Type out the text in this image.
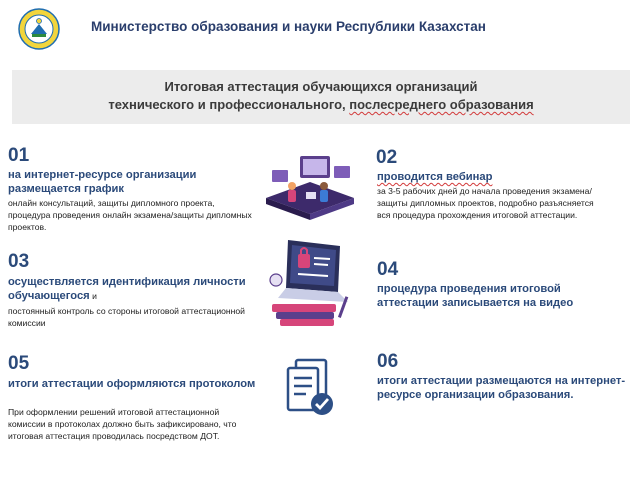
Министерство образования и науки Республики Казахстан
Итоговая аттестация обучающихся организаций
технического и профессионального, послесреднего образования
01
на интернет-ресурсе организации размещается график
онлайн консультаций, защиты дипломного проекта, процедура проведения онлайн экзамена/защиты дипломных проектов.
02
проводится вебинар
за 3-5 рабочих дней до начала проведения экзамена/защиты дипломных проектов, подробно разъясняется вся процедура прохождения итоговой аттестации.
03
осуществляется идентификация личности обучающегося и
постоянный контроль со стороны итоговой аттестационной комиссии
04
процедура проведения итоговой аттестации записывается на видео
05
итоги аттестации оформляются протоколом
При оформлении решений итоговой аттестационной комиссии в протоколах должно быть зафиксировано, что итоговая аттестация проводилась посредством ДОТ.
06
итоги аттестации размещаются на интернет-ресурсе организации образования.
